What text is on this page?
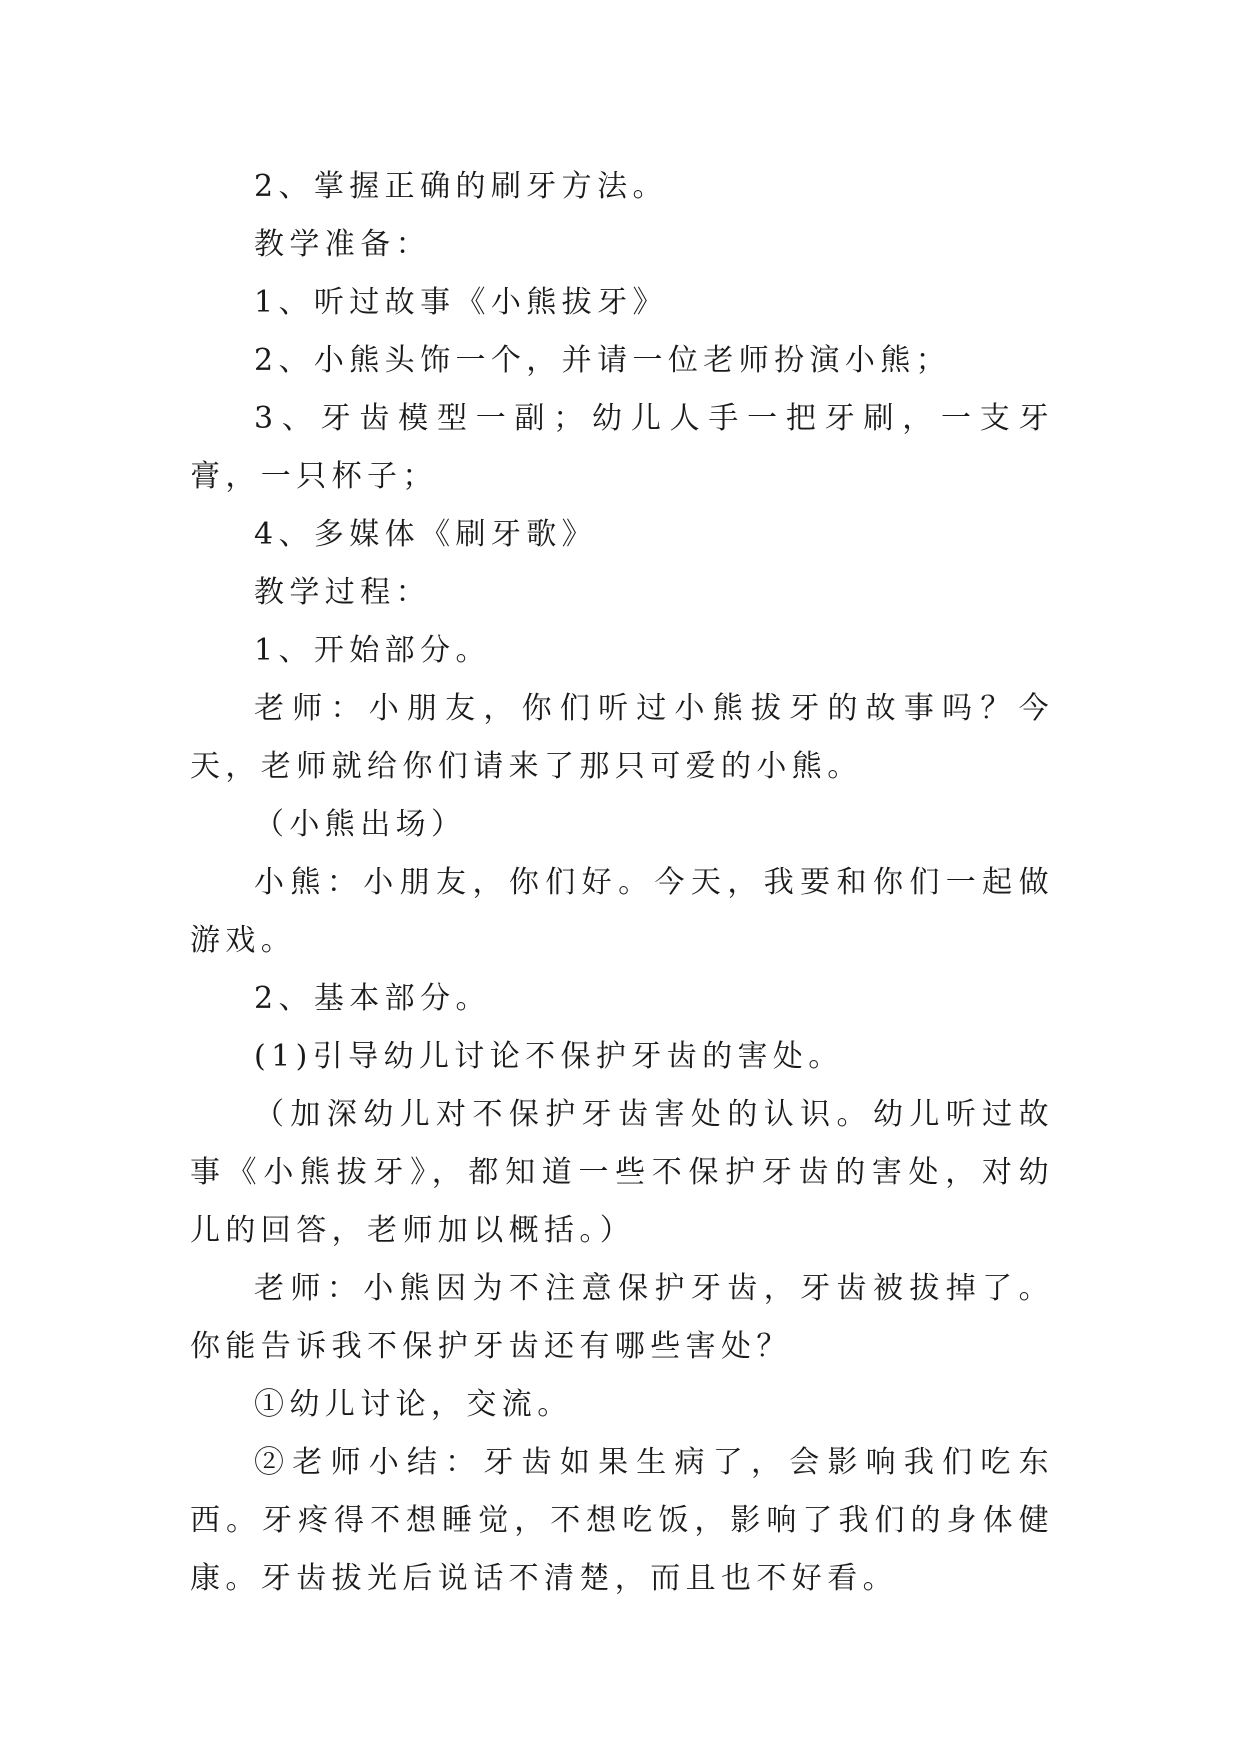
2、掌握正确的刷牙方法。

教学准备：

1、听过故事《小熊拔牙》

2、小熊头饰一个，并请一位老师扮演小熊；

3、牙齿模型一副；幼儿人手一把牙刷，一支牙膏，一只杯子；

4、多媒体《刷牙歌》

教学过程：

1、开始部分。

老师：小朋友，你们听过小熊拔牙的故事吗？今天，老师就给你们请来了那只可爱的小熊。

（小熊出场）

小熊：小朋友，你们好。今天，我要和你们一起做游戏。

2、基本部分。

(1)引导幼儿讨论不保护牙齿的害处。

（加深幼儿对不保护牙齿害处的认识。幼儿听过故事《小熊拔牙》，都知道一些不保护牙齿的害处，对幼儿的回答，老师加以概括。）

老师：小熊因为不注意保护牙齿，牙齿被拔掉了。你能告诉我不保护牙齿还有哪些害处？

①幼儿讨论，交流。

②老师小结：牙齿如果生病了，会影响我们吃东西。牙疼得不想睡觉，不想吃饭，影响了我们的身体健康。牙齿拔光后说话不清楚，而且也不好看。
